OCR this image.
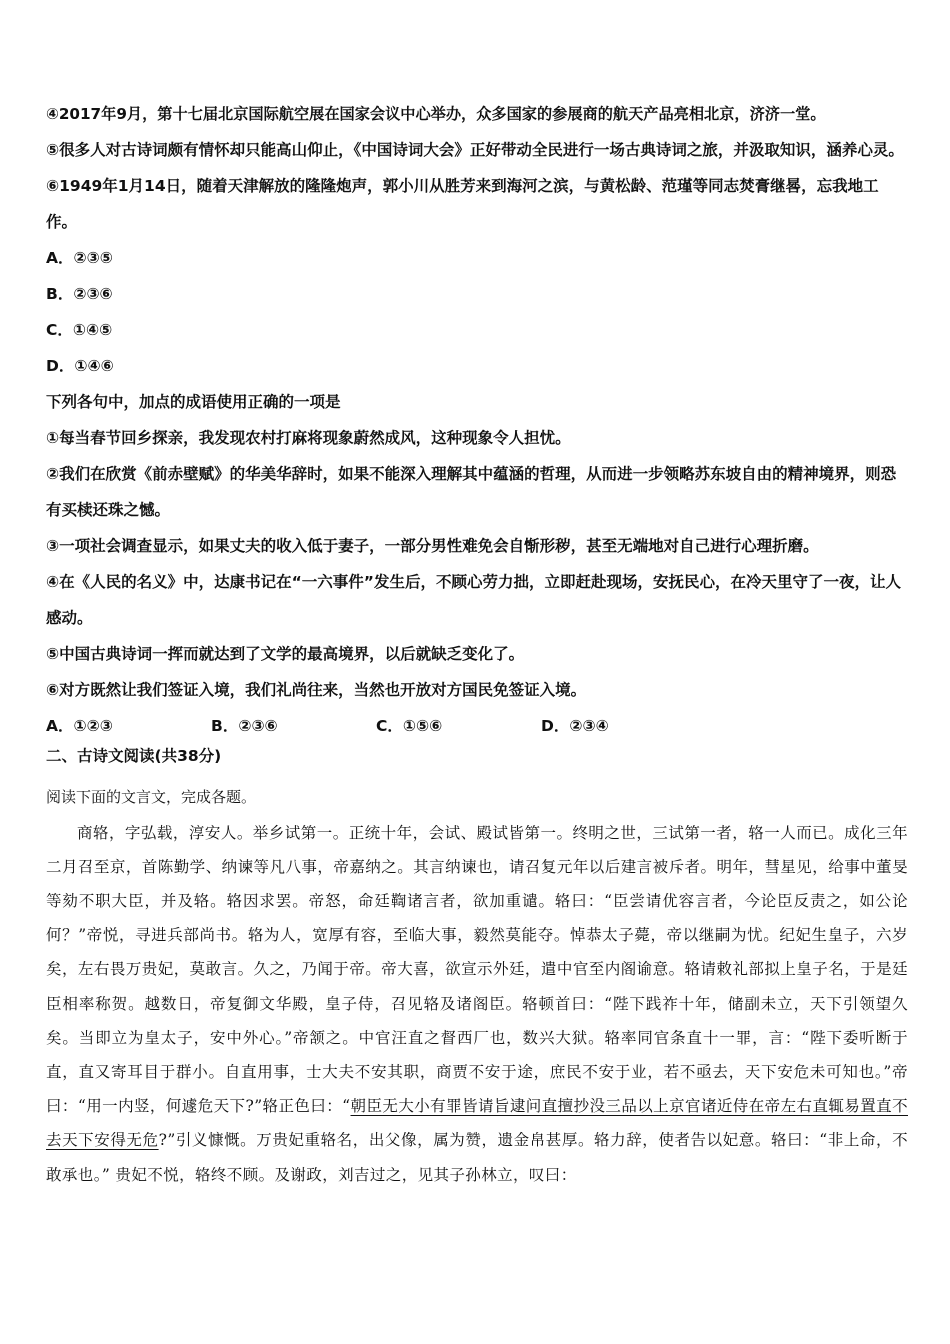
④2017年9月，第十七届北京国际航空展在国家会议中心举办，众多国家的参展商的航天产品亮相北京，济济一堂。

⑤很多人对古诗词颇有情怀却只能高山仰止，《中国诗词大会》正好带动全民进行一场古典诗词之旅，并汲取知识，涵养心灵。

⑥1949年1月14日，随着天津解放的隆隆炮声，郭小川从胜芳来到海河之滨，与黄松龄、范瑾等同志焚膏继晷，忘我地工作。

A．②③⑤

B．②③⑥

C．①④⑤

D．①④⑥

下列各句中，加点的成语使用正确的一项是

①每当春节回乡探亲，我发现农村打麻将现象蔚然成风，这种现象令人担忧。

②我们在欣赏《前赤壁赋》的华美华辞时，如果不能深入理解其中蕴涵的哲理，从而进一步领略苏东坡自由的精神境界，则恐有买椟还珠之憾。

③一项社会调查显示，如果丈夫的收入低于妻子，一部分男性难免会自惭形秽，甚至无端地对自己进行心理折磨。

④在《人民的名义》中，达康书记在“一六事件”发生后，不顾心劳力拙，立即赶赴现场，安抚民心，在冷天里守了一夜，让人感动。

⑤中国古典诗词一挥而就达到了文学的最高境界，以后就缺乏变化了。

⑥对方既然让我们签证入境，我们礼尚往来，当然也开放对方国民免签证入境。

A．①②③	B．②③⑥	C．①⑤⑥	D．②③④

二、古诗文阅读(共38分)

阅读下面的文言文，完成各题。

商辂，字弘载，淳安人。举乡试第一。正统十年，会试、殿试皆第一。终明之世，三试第一者，辂一人而已。成化三年二月召至京，首陈勤学、纳谏等凡八事，帝嘉纳之。其言纳谏也，请召复元年以后建言被斥者。明年，彗星见，给事中董旻等劾不职大臣，并及辂。辂因求罢。帝怒，命廷鞫诸言者，欲加重谴。辂曰：“臣尝请优容言者，今论臣反责之，如公论何？”帝悦，寻进兵部尚书。辂为人，宽厚有容，至临大事，毅然莫能夺。悼恭太子薨，帝以继嗣为忧。纪妃生皇子，六岁矣，左右畏万贵妃，莫敢言。久之，乃闻于帝。帝大喜，欲宣示外廷，遣中官至内阁谕意。辂请敕礼部拟上皇子名，于是廷臣相率称贺。越数日，帝复御文华殿，皇子侍，召见辂及诸阁臣。辂顿首曰：“陛下践祚十年，储副未立，天下引领望久矣。当即立为皇太子，安中外心。”帝颔之。中官汪直之督西厂也，数兴大狱。辂率同官条直十一罪，言：“陛下委听断于直，直又寄耳目于群小。自直用事，士大夫不安其职，商贾不安于途，庶民不安于业，若不亟去，天下安危未可知也。”帝曰：“用一内竖，何遽危天下?”辂正色曰：“朝臣无大小有罪皆请旨逮问直擅抄没三品以上京官诸近侍在帝左右直辄易置直不去天下安得无危?”引义慷慨。万贵妃重辂名，出父像，属为赞，遗金帛甚厚。辂力辞，使者告以妃意。辂曰：“非上命，不敢承也。” 贵妃不悦，辂终不顾。及谢政，刘吉过之，见其子孙林立，叹曰：
